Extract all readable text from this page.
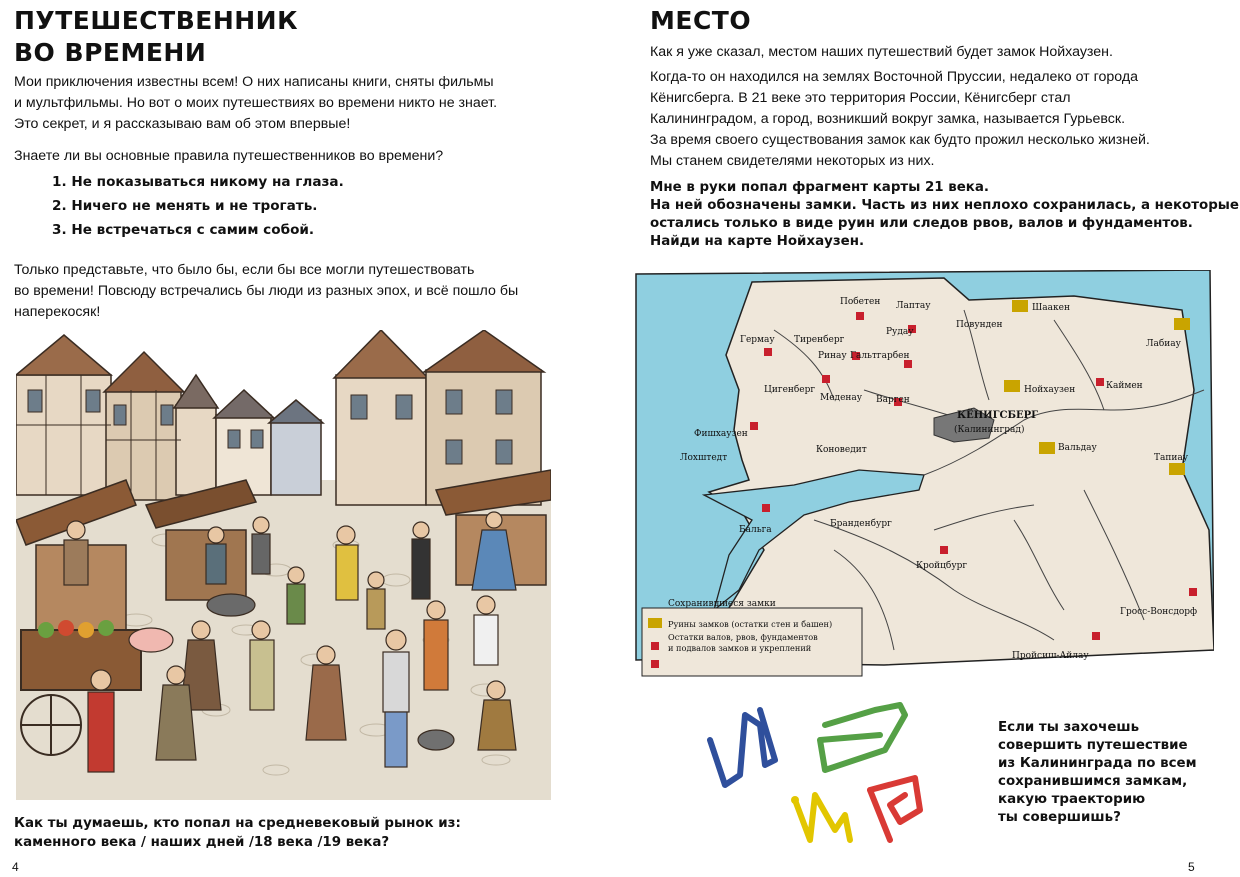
ПУТЕШЕСТВЕННИК
ВО ВРЕМЕНИ

Мои приключения известны всем! О них написаны книги, сняты фильмы

и мультфильмы. Но вот о моих путешествиях во времени никто не знает.

Это секрет, и я рассказываю вам об этом впервые!

Знаете ли вы основные правила путешественников во времени?

1. Не показываться никому на глаза.
2. Ничего не менять и не трогать.
3. Не встречаться с самим собой.

Только представьте, что было бы, если бы все могли путешествовать

во времени! Повсюду встречались бы люди из разных эпох, и всё пошло бы

наперекосяк!

Как ты думаешь, кто попал на средневековый рынок из:

каменного века / наших дней /18 века /19 века?

4
МЕСТО

Как я уже сказал, местом наших путешествий будет замок Нойхаузен.

Когда-то он находился на землях Восточной Пруссии, недалеко от города

Кёнигсберга. В 21 веке это территория России, Кёнигсберг стал

Калининградом, а город, возникший вокруг замка, называется Гурьевск.

За время своего существования замок как будто прожил несколько жизней.

Мы станем свидетелями некоторых из них.

Мне в руки попал фрагмент карты 21 века.

На ней обозначены замки. Часть из них неплохо сохранилась, а некоторые

остались только в виде руин или следов рвов, валов и фундаментов.

Найди на карте Нойхаузен.

КЁНИГСБЕРГ
(Калининград)
Побетен Лаптау	Шаакен
Гермау Тиренберг
Рудау
Повунден
Лабиау
Ринау Гальтгарбен
Цигенберг
Меденау
Нойхаузен	Каймен
Фишхаузен
Варген
Лохштедт
Коноведит	Вальдау
Тапиау
Бальга
Бранденбург
Кройцбург
Гросс-Вонсдорф
Пройсиш-Айлау
Сохранившиеся замки
Руины замков (остатки стен и башен)
Остатки валов, рвов, фундаментов
и подвалов замков и укреплений

Если ты захочешь

совершить путешествие

из Калининграда по всем

сохранившимся замкам,

какую траекторию

ты совершишь?

5
